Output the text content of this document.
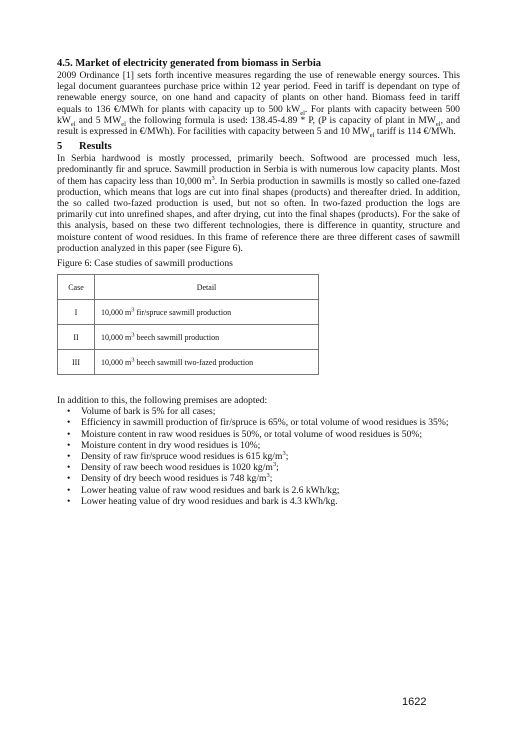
4.5. Market of electricity generated from biomass in Serbia

2009 Ordinance [1] sets forth incentive measures regarding the use of renewable energy sources. This legal document guarantees purchase price within 12 year period. Feed in tariff is dependant on type of renewable energy source, on one hand and capacity of plants on other hand. Biomass feed in tariff equals to 136 €/MWh for plants with capacity up to 500 $kW_{el}$. For plants with capacity between 500 $kW_{el}$ and 5 $MW_{el}$ the following formula is used: 138.45-4.89 * P, (P is capacity of plant in $MW_{el}$, and result is expressed in €/MWh). For facilities with capacity between 5 and 10 $MW_{el}$ tariff is 114 €/MWh.

5 Results

In Serbia hardwood is mostly processed, primarily beech. Softwood are processed much less, predominantly fir and spruce. Sawmill production in Serbia is with numerous low capacity plants. Most of them has capacity less than 10,000 $m^3$. In Serbia production in sawmills is mostly so called one-fazed production, which means that logs are cut into final shapes (products) and thereafter dried. In addition, the so called two-fazed production is used, but not so often. In two-fazed production the logs are primarily cut into unrefined shapes, and after drying, cut into the final shapes (products). For the sake of this analysis, based on these two different technologies, there is difference in quantity, structure and moisture content of wood residues. In this frame of reference there are three different cases of sawmill production analyzed in this paper (see Figure 6).

Figure 6: Case studies of sawmill productions

Case	Detail
I	10,000 $m^3$ fir/spruce sawmill production
II	10,000 $m^3$ beech sawmill production
III	10,000 $m^3$ beech sawmill two-fazed production

In addition to this, the following premises are adopted:

• Volume of bark is 5% for all cases;
• Efficiency in sawmill production of fir/spruce is 65%, or total volume of wood residues is 35%;
• Moisture content in raw wood residues is 50%, or total volume of wood residues is 50%;
• Moisture content in dry wood residues is 10%;
• Density of raw fir/spruce wood residues is 615 $kg/m^3$;
• Density of raw beech wood residues is 1020 $kg/m^3$;
• Density of dry beech wood residues is 748 $kg/m^3$;
• Lower heating value of raw wood residues and bark is 2.6 kWh/kg;
• Lower heating value of dry wood residues and bark is 4.3 kWh/kg.
1622
